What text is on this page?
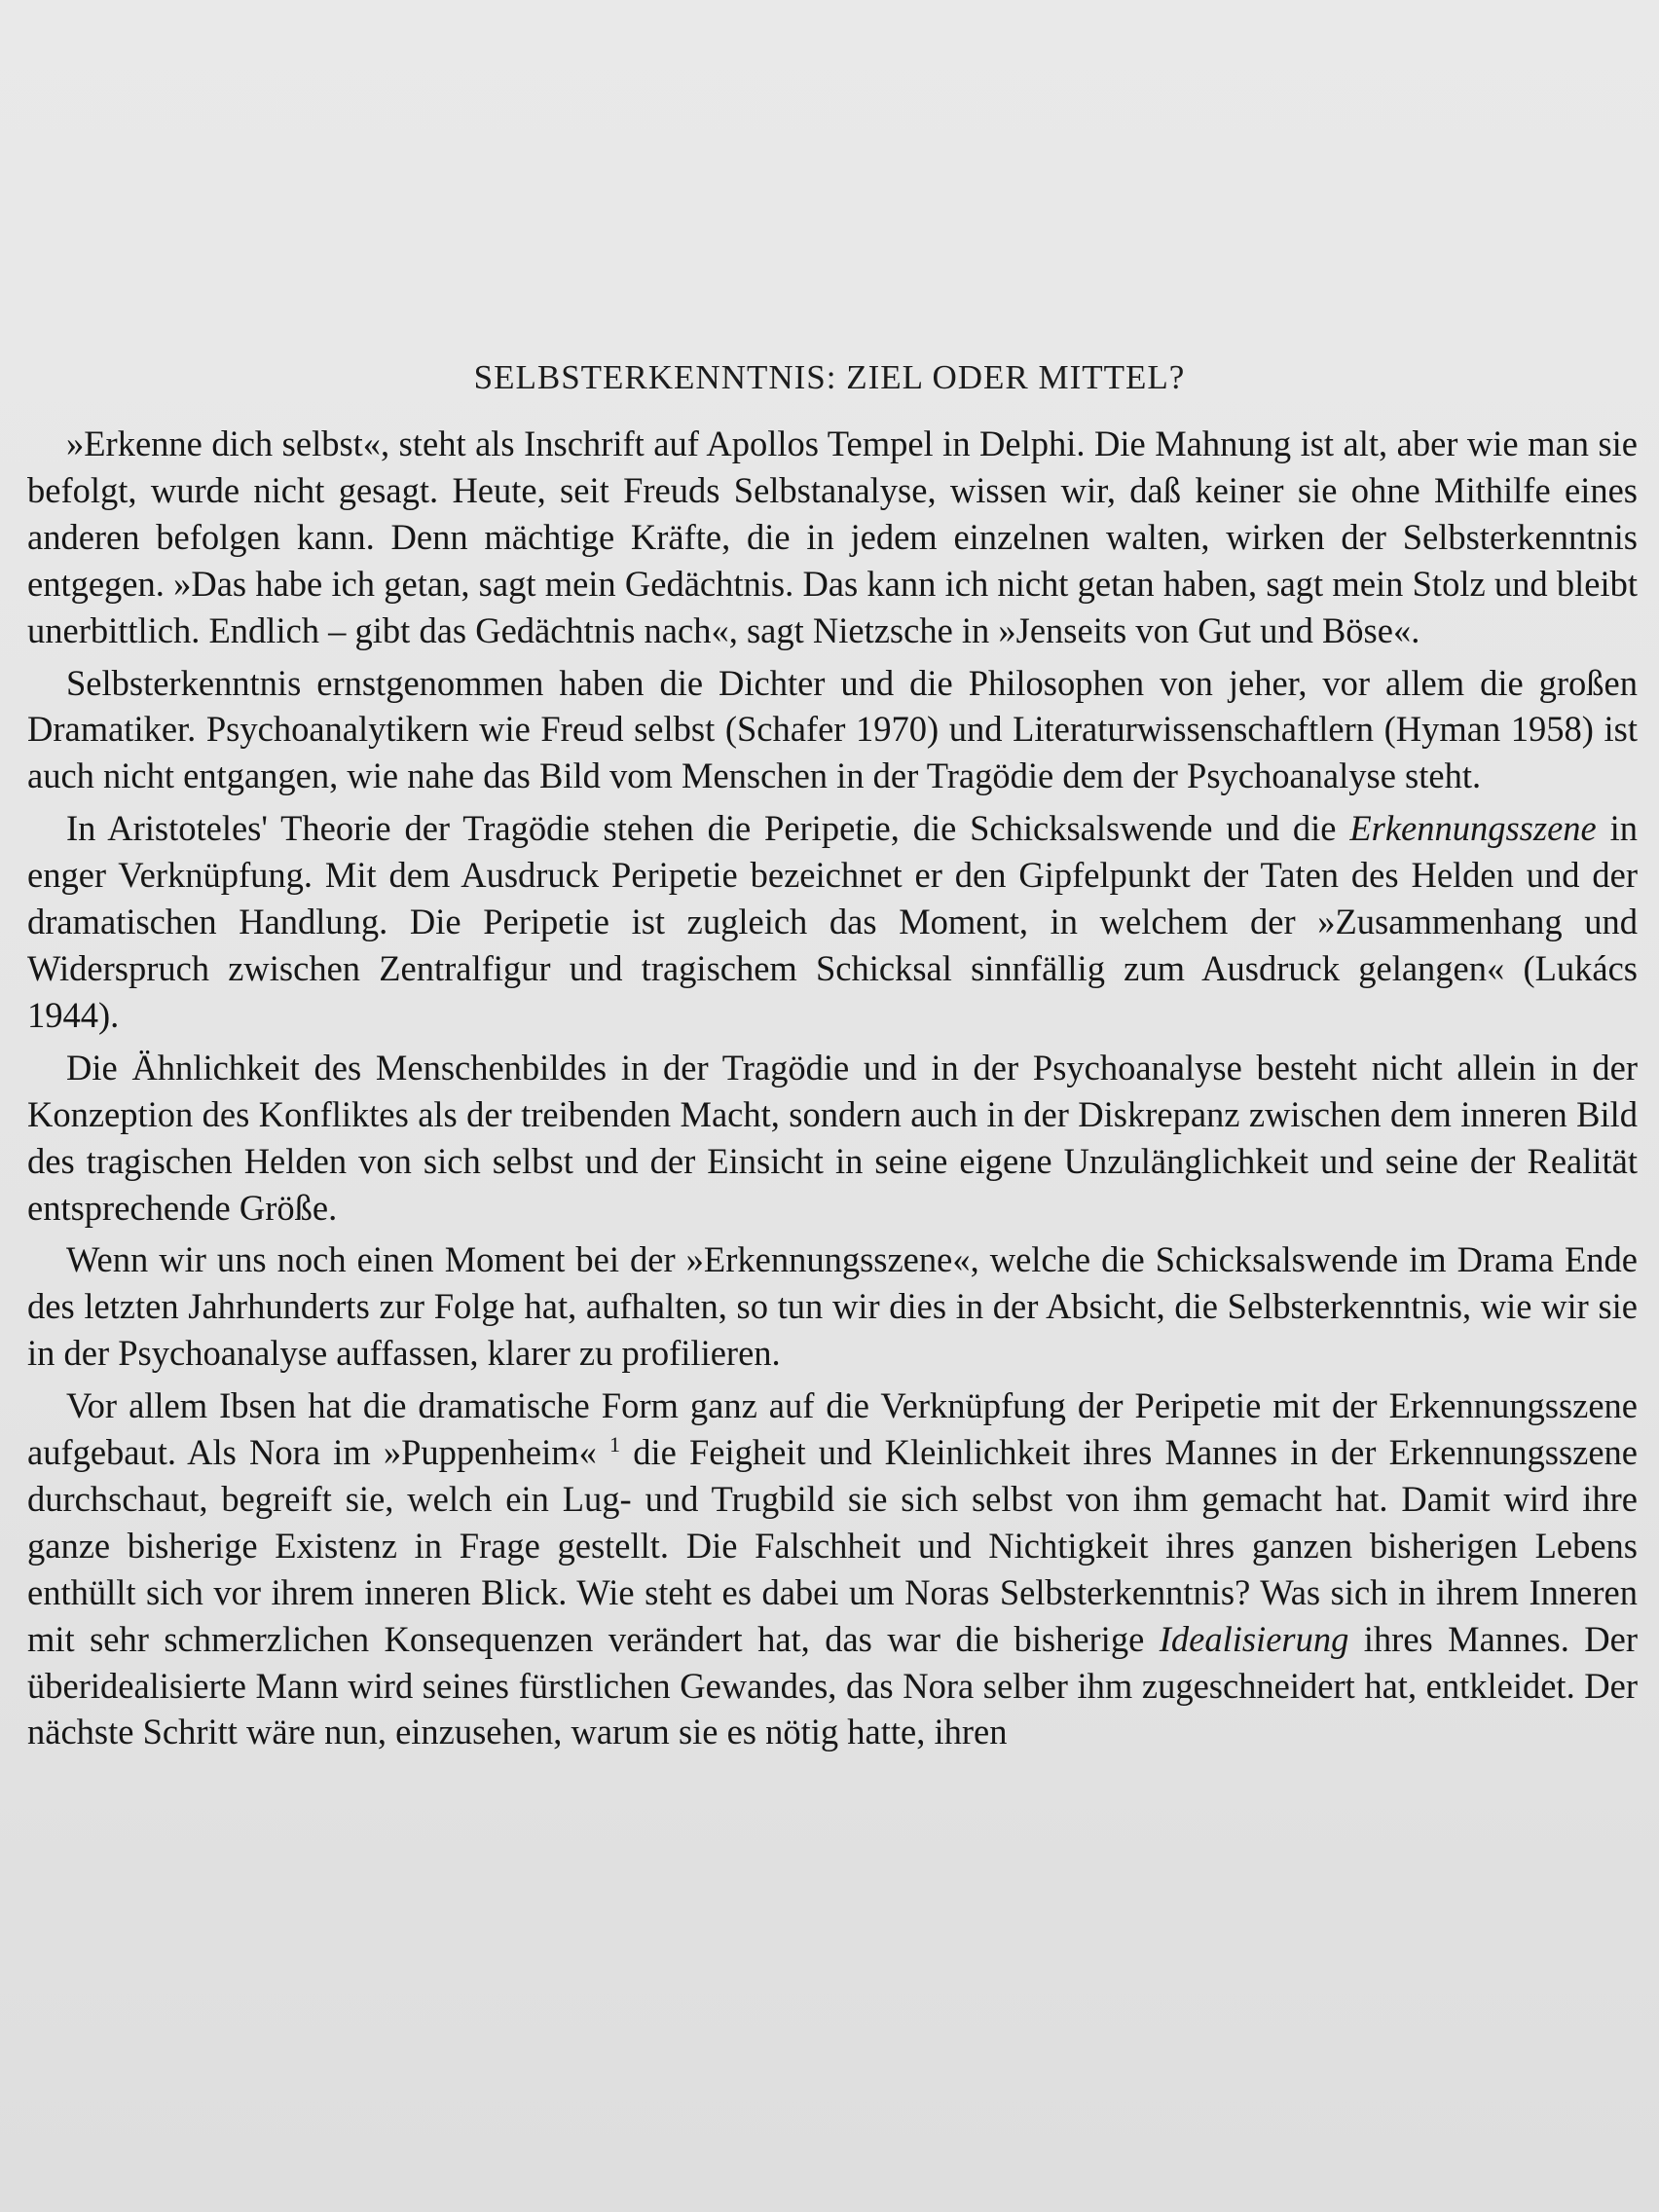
SELBSTERKENNTNIS: ZIEL ODER MITTEL?

»Erkenne dich selbst«, steht als Inschrift auf Apollos Tempel in Delphi. Die Mahnung ist alt, aber wie man sie befolgt, wurde nicht gesagt. Heute, seit Freuds Selbstanalyse, wissen wir, daß keiner sie ohne Mithilfe eines anderen befolgen kann. Denn mächtige Kräfte, die in jedem einzelnen walten, wirken der Selbsterkenntnis entgegen. »Das habe ich getan, sagt mein Gedächtnis. Das kann ich nicht getan haben, sagt mein Stolz und bleibt unerbittlich. Endlich – gibt das Gedächtnis nach«, sagt Nietzsche in »Jenseits von Gut und Böse«.

Selbsterkenntnis ernstgenommen haben die Dichter und die Philosophen von jeher, vor allem die großen Dramatiker. Psychoanalytikern wie Freud selbst (Schafer 1970) und Literaturwissenschaftlern (Hyman 1958) ist auch nicht entgangen, wie nahe das Bild vom Menschen in der Tragödie dem der Psychoanalyse steht.

In Aristoteles' Theorie der Tragödie stehen die Peripetie, die Schicksalswende und die Erkennungsszene in enger Verknüpfung. Mit dem Ausdruck Peripetie bezeichnet er den Gipfelpunkt der Taten des Helden und der dramatischen Handlung. Die Peripetie ist zugleich das Moment, in welchem der »Zusammenhang und Widerspruch zwischen Zentralfigur und tragischem Schicksal sinnfällig zum Ausdruck gelangen« (Lukács 1944).

Die Ähnlichkeit des Menschenbildes in der Tragödie und in der Psychoanalyse besteht nicht allein in der Konzeption des Konfliktes als der treibenden Macht, sondern auch in der Diskrepanz zwischen dem inneren Bild des tragischen Helden von sich selbst und der Einsicht in seine eigene Unzulänglichkeit und seine der Realität entsprechende Größe.

Wenn wir uns noch einen Moment bei der »Erkennungsszene«, welche die Schicksalswende im Drama Ende des letzten Jahrhunderts zur Folge hat, aufhalten, so tun wir dies in der Absicht, die Selbsterkenntnis, wie wir sie in der Psychoanalyse auffassen, klarer zu profilieren.

Vor allem Ibsen hat die dramatische Form ganz auf die Verknüpfung der Peripetie mit der Erkennungsszene aufgebaut. Als Nora im »Puppenheim« $^1$ die Feigheit und Kleinlichkeit ihres Mannes in der Erkennungsszene durchschaut, begreift sie, welch ein Lug- und Trugbild sie sich selbst von ihm gemacht hat. Damit wird ihre ganze bisherige Existenz in Frage gestellt. Die Falschheit und Nichtigkeit ihres ganzen bisherigen Lebens enthüllt sich vor ihrem inneren Blick. Wie steht es dabei um Noras Selbsterkenntnis? Was sich in ihrem Inneren mit sehr schmerzlichen Konsequenzen verändert hat, das war die bisherige Idealisierung ihres Mannes. Der überidealisierte Mann wird seines fürstlichen Gewandes, das Nora selber ihm zugeschneidert hat, entkleidet. Der nächste Schritt wäre nun, einzusehen, warum sie es nötig hatte, ihren
